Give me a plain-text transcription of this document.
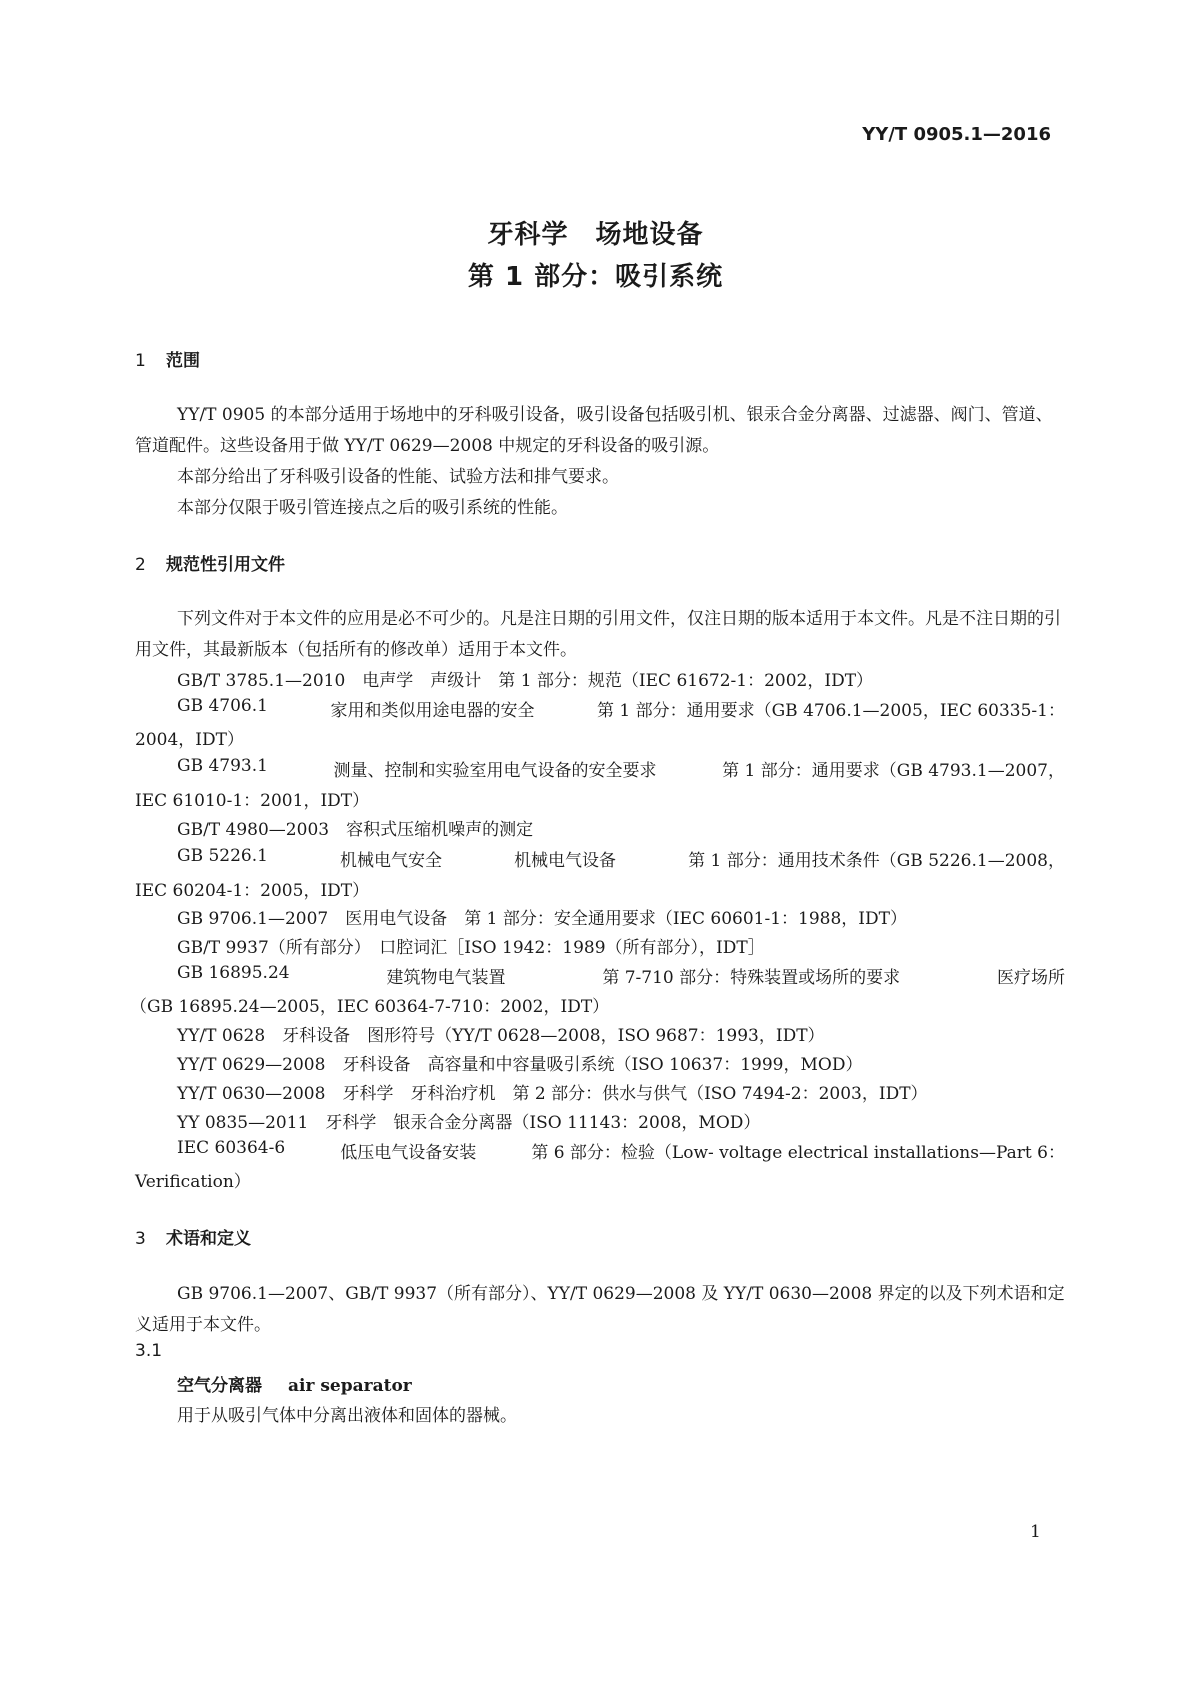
YY/T 0905.1—2016
牙科学　场地设备
第 1 部分：吸引系统
1 范围
YY/T 0905 的本部分适用于场地中的牙科吸引设备，吸引设备包括吸引机、银汞合金分离器、过滤器、阀门、管道、管道配件。这些设备用于做 YY/T 0629—2008 中规定的牙科设备的吸引源。
本部分给出了牙科吸引设备的性能、试验方法和排气要求。
本部分仅限于吸引管连接点之后的吸引系统的性能。
2 规范性引用文件
下列文件对于本文件的应用是必不可少的。凡是注日期的引用文件，仅注日期的版本适用于本文件。凡是不注日期的引用文件，其最新版本（包括所有的修改单）适用于本文件。
GB/T 3785.1—2010　电声学　声级计　第 1 部分：规范（IEC 61672-1：2002，IDT）
GB 4706.1	家用和类似用途电器的安全	第 1 部分：通用要求（GB 4706.1—2005，IEC 60335-1：
2004，IDT）
GB 4793.1	测量、控制和实验室用电气设备的安全要求	第 1 部分：通用要求（GB 4793.1—2007，
IEC 61010-1：2001，IDT）
GB/T 4980—2003　容积式压缩机噪声的测定
GB 5226.1	机械电气安全	机械电气设备	第 1 部分：通用技术条件（GB 5226.1—2008，
IEC 60204-1：2005，IDT）
GB 9706.1—2007　医用电气设备　第 1 部分：安全通用要求（IEC 60601-1：1988，IDT）
GB/T 9937（所有部分）　口腔词汇［ISO 1942：1989（所有部分），IDT］
GB 16895.24	建筑物电气装置	第 7-710 部分：特殊装置或场所的要求	医疗场所
（GB 16895.24—2005，IEC 60364-7-710：2002，IDT）
YY/T 0628　牙科设备　图形符号（YY/T 0628—2008，ISO 9687：1993，IDT）
YY/T 0629—2008　牙科设备　高容量和中容量吸引系统（ISO 10637：1999，MOD）
YY/T 0630—2008　牙科学　牙科治疗机　第 2 部分：供水与供气（ISO 7494-2：2003，IDT）
YY 0835—2011　牙科学　银汞合金分离器（ISO 11143：2008，MOD）
IEC 60364-6	低压电气设备安装	第 6 部分：检验（Low- voltage electrical installations—Part 6：
Verification）
3 术语和定义
GB 9706.1—2007、GB/T 9937（所有部分）、YY/T 0629—2008 及 YY/T 0630—2008 界定的以及下列术语和定义适用于本文件。
3.1
空气分离器 air separator
用于从吸引气体中分离出液体和固体的器械。
1
